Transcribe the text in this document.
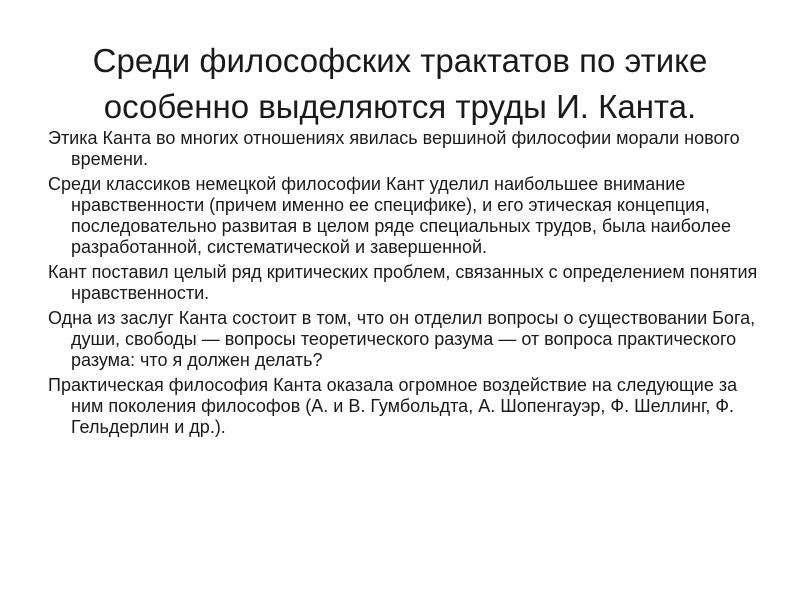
Среди философских трактатов по этике
особенно выделяются труды И. Канта.
Этика Канта во многих отношениях явилась вершиной философии морали нового времени.
Среди классиков немецкой философии Кант уделил наибольшее внимание нравственности (причем именно ее специфике), и его этическая концепция, последовательно развитая в целом ряде специальных трудов, была наиболее разработанной, систематической и завершенной.
Кант поставил целый ряд критических проблем, связанных с определением понятия нравственности.
Одна из заслуг Канта состоит в том, что он отделил вопросы о существовании Бога, души, свободы — вопросы теоретического разума — от вопроса практического разума: что я должен делать?
Практическая философия Канта оказала огромное воздействие на следующие за ним поколения философов (А. и В. Гумбольдта, А. Шопенгауэр, Ф. Шеллинг, Ф. Гельдерлин и др.).
